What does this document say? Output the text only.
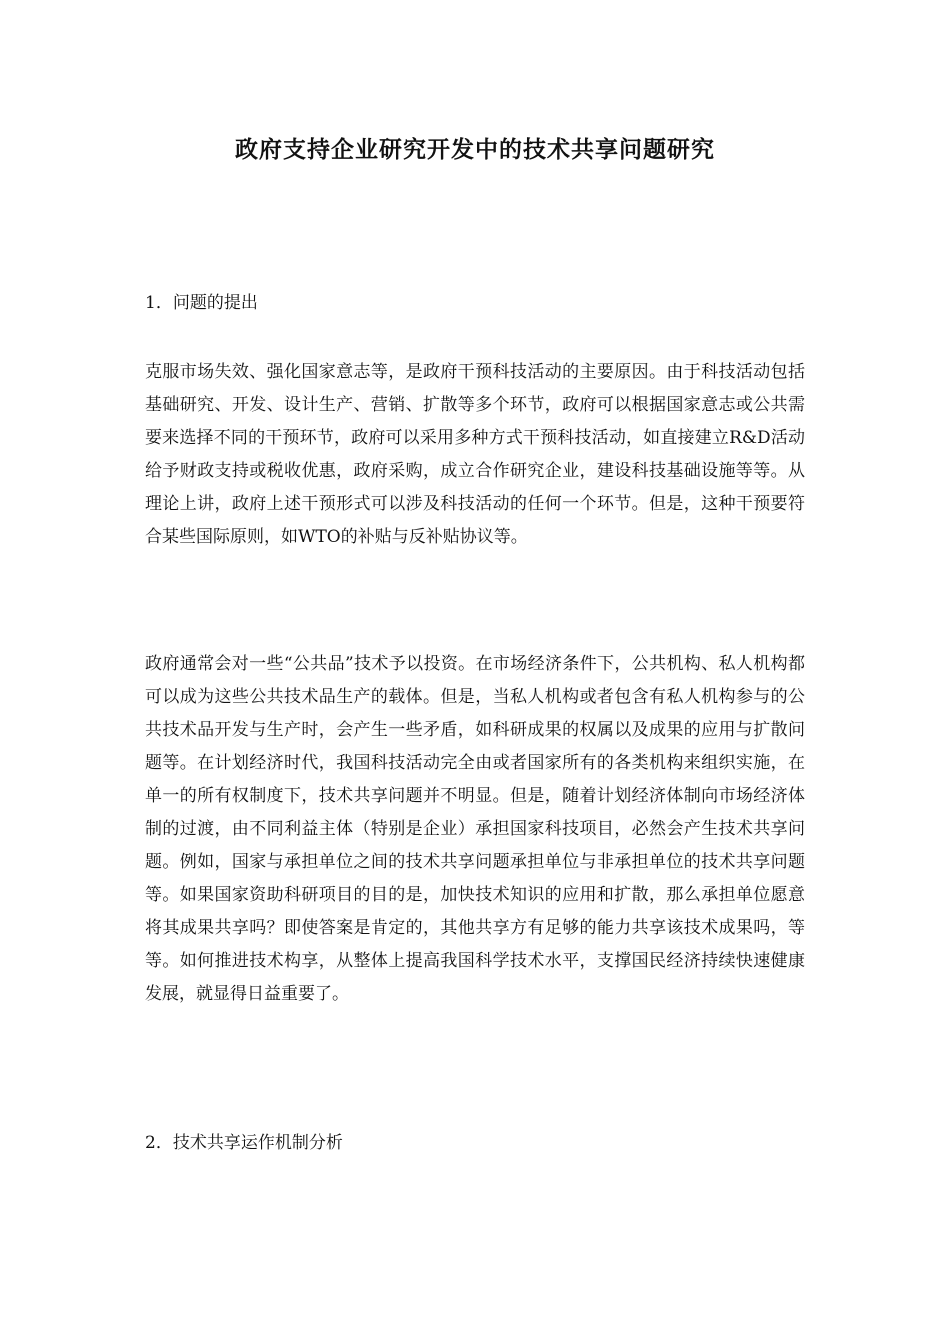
政府支持企业研究开发中的技术共享问题研究
1．问题的提出

克服市场失效、强化国家意志等，是政府干预科技活动的主要原因。由于科技活动包括基础研究、开发、设计生产、营销、扩散等多个环节，政府可以根据国家意志或公共需要来选择不同的干预环节，政府可以采用多种方式干预科技活动，如直接建立R&D活动给予财政支持或税收优惠，政府采购，成立合作研究企业，建设科技基础设施等等。从理论上讲，政府上述干预形式可以涉及科技活动的任何一个环节。但是，这种干预要符合某些国际原则，如WTO的补贴与反补贴协议等。

政府通常会对一些“公共品”技术予以投资。在市场经济条件下，公共机构、私人机构都可以成为这些公共技术品生产的载体。但是，当私人机构或者包含有私人机构参与的公共技术品开发与生产时，会产生一些矛盾，如科研成果的权属以及成果的应用与扩散问题等。在计划经济时代，我国科技活动完全由或者国家所有的各类机构来组织实施，在单一的所有权制度下，技术共享问题并不明显。但是，随着计划经济体制向市场经济体制的过渡，由不同利益主体（特别是企业）承担国家科技项目，必然会产生技术共享问题。例如，国家与承担单位之间的技术共享问题承担单位与非承担单位的技术共享问题等。如果国家资助科研项目的目的是，加快技术知识的应用和扩散，那么承担单位愿意将其成果共享吗？即使答案是肯定的，其他共享方有足够的能力共享该技术成果吗，等等。如何推进技术构享，从整体上提高我国科学技术水平，支撑国民经济持续快速健康发展，就显得日益重要了。

2．技术共享运作机制分析
